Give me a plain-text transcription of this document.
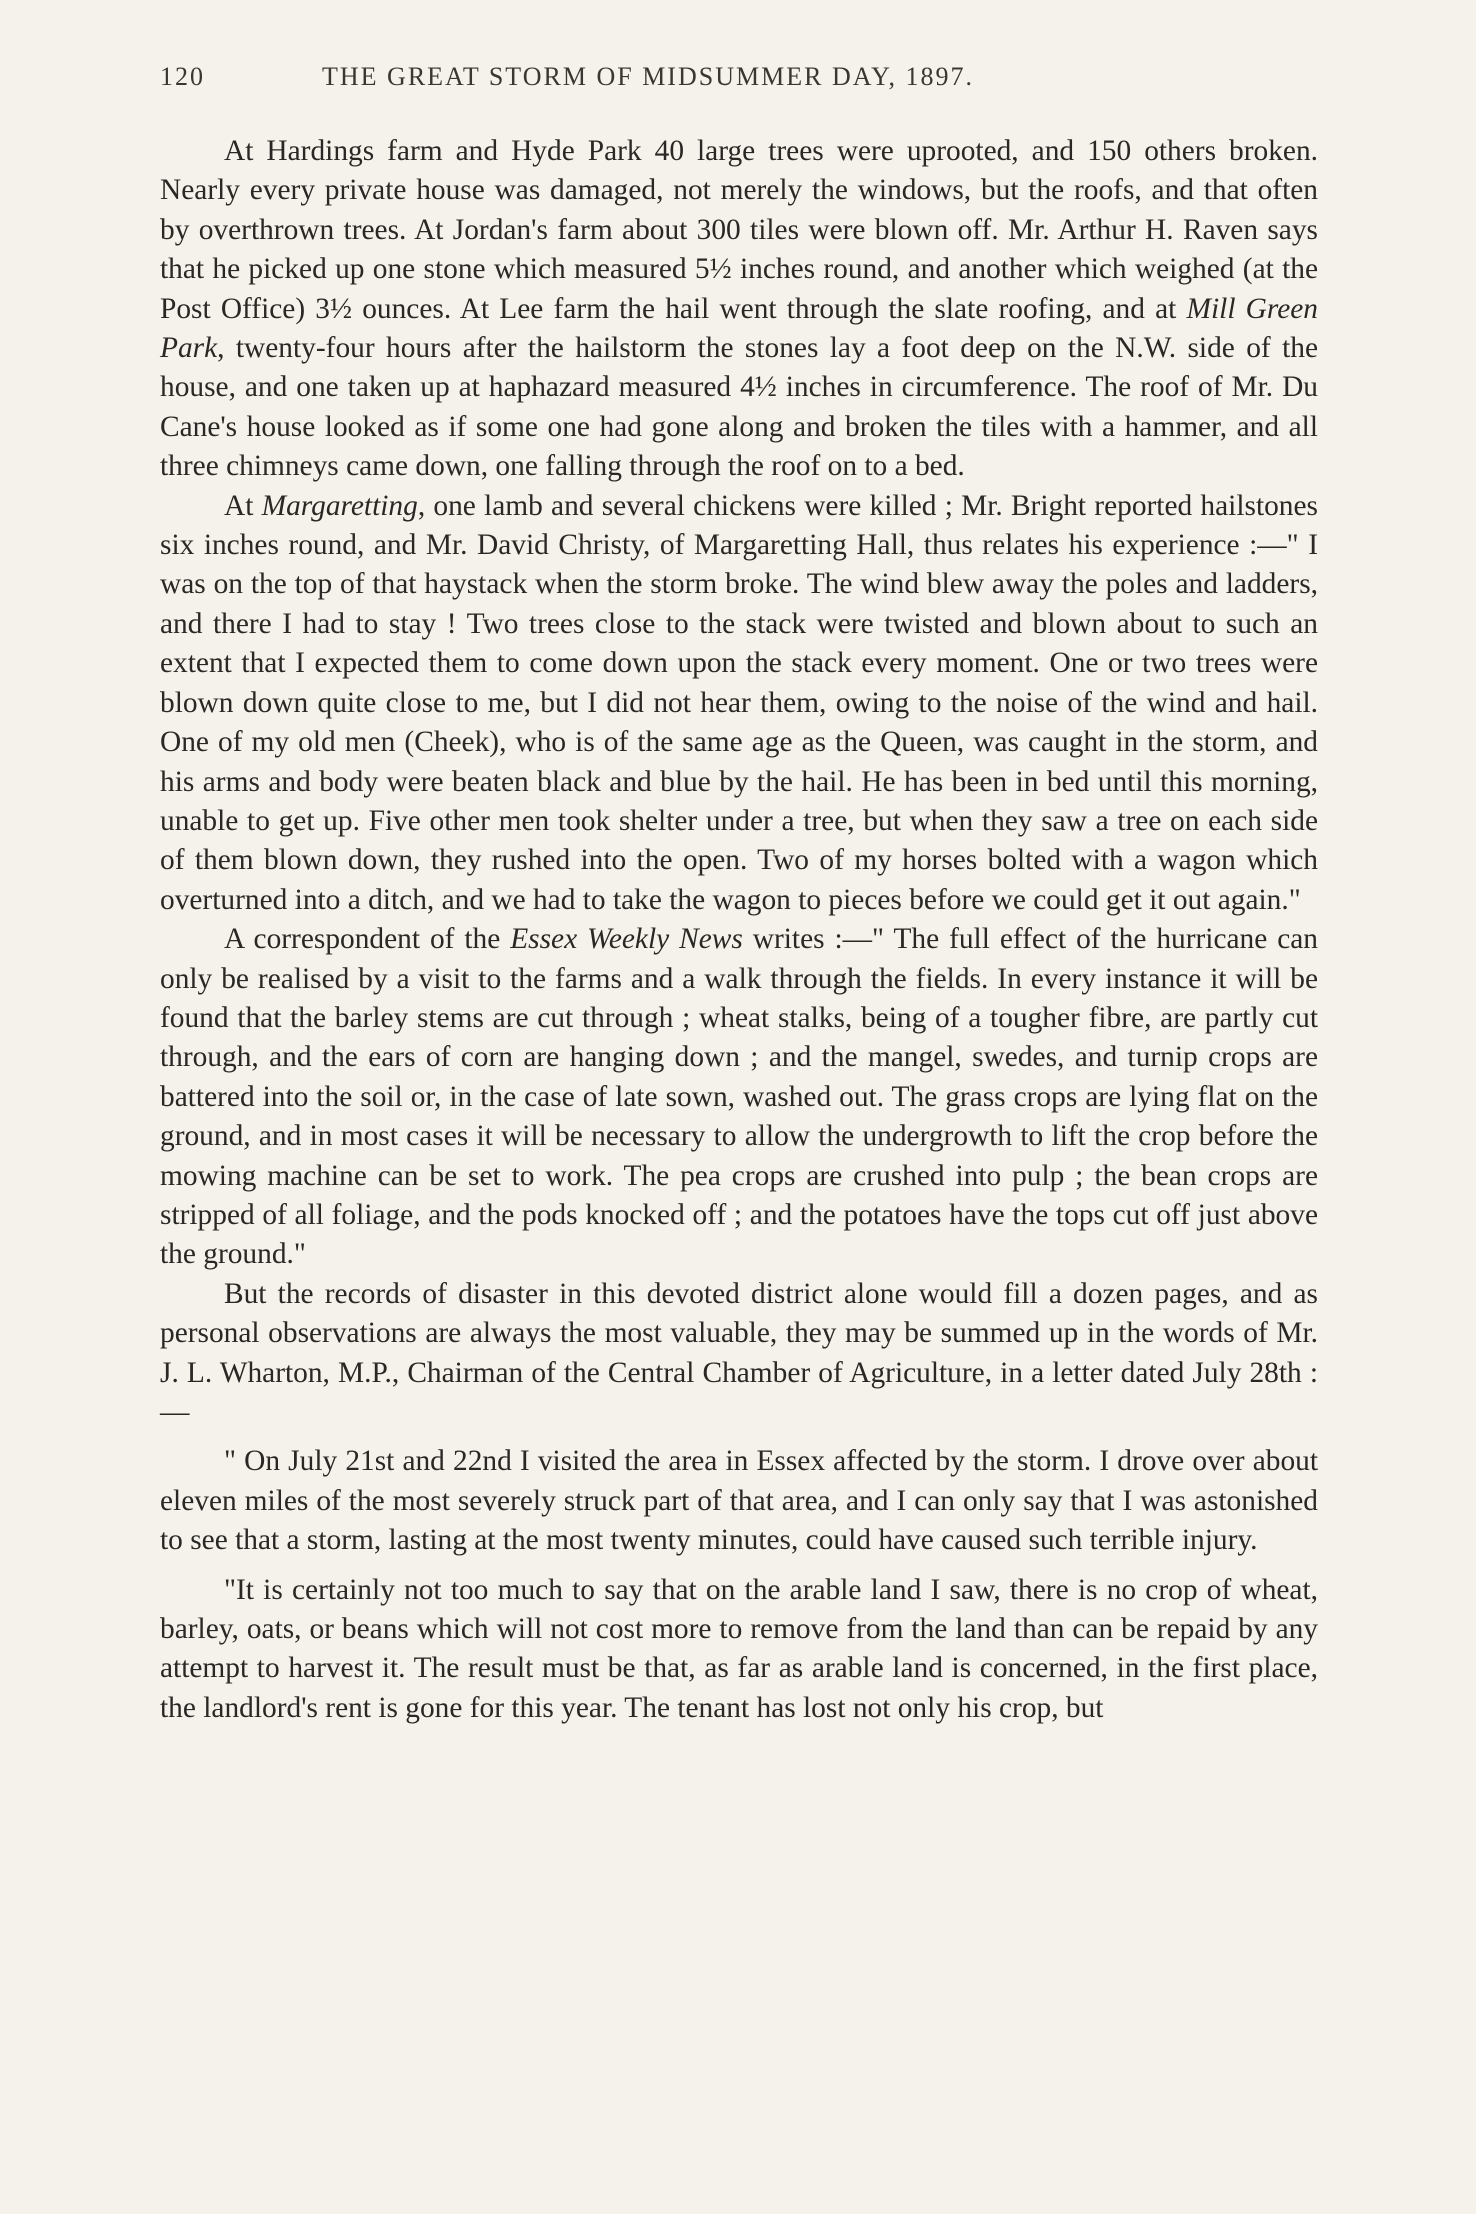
120	THE GREAT STORM OF MIDSUMMER DAY, 1897.

At Hardings farm and Hyde Park 40 large trees were uprooted, and 150 others broken. Nearly every private house was damaged, not merely the windows, but the roofs, and that often by overthrown trees. At Jordan's farm about 300 tiles were blown off. Mr. Arthur H. Raven says that he picked up one stone which measured 5½ inches round, and another which weighed (at the Post Office) 3½ ounces. At Lee farm the hail went through the slate roofing, and at Mill Green Park, twenty-four hours after the hailstorm the stones lay a foot deep on the N.W. side of the house, and one taken up at haphazard measured 4½ inches in circumference. The roof of Mr. Du Cane's house looked as if some one had gone along and broken the tiles with a hammer, and all three chimneys came down, one falling through the roof on to a bed.

At Margaretting, one lamb and several chickens were killed ; Mr. Bright reported hailstones six inches round, and Mr. David Christy, of Margaretting Hall, thus relates his experience :—" I was on the top of that haystack when the storm broke. The wind blew away the poles and ladders, and there I had to stay ! Two trees close to the stack were twisted and blown about to such an extent that I expected them to come down upon the stack every moment. One or two trees were blown down quite close to me, but I did not hear them, owing to the noise of the wind and hail. One of my old men (Cheek), who is of the same age as the Queen, was caught in the storm, and his arms and body were beaten black and blue by the hail. He has been in bed until this morning, unable to get up. Five other men took shelter under a tree, but when they saw a tree on each side of them blown down, they rushed into the open. Two of my horses bolted with a wagon which overturned into a ditch, and we had to take the wagon to pieces before we could get it out again."

A correspondent of the Essex Weekly News writes :—" The full effect of the hurricane can only be realised by a visit to the farms and a walk through the fields. In every instance it will be found that the barley stems are cut through ; wheat stalks, being of a tougher fibre, are partly cut through, and the ears of corn are hanging down ; and the mangel, swedes, and turnip crops are battered into the soil or, in the case of late sown, washed out. The grass crops are lying flat on the ground, and in most cases it will be necessary to allow the undergrowth to lift the crop before the mowing machine can be set to work. The pea crops are crushed into pulp ; the bean crops are stripped of all foliage, and the pods knocked off ; and the potatoes have the tops cut off just above the ground."

But the records of disaster in this devoted district alone would fill a dozen pages, and as personal observations are always the most valuable, they may be summed up in the words of Mr. J. L. Wharton, M.P., Chairman of the Central Chamber of Agriculture, in a letter dated July 28th :—

" On July 21st and 22nd I visited the area in Essex affected by the storm. I drove over about eleven miles of the most severely struck part of that area, and I can only say that I was astonished to see that a storm, lasting at the most twenty minutes, could have caused such terrible injury.

"It is certainly not too much to say that on the arable land I saw, there is no crop of wheat, barley, oats, or beans which will not cost more to remove from the land than can be repaid by any attempt to harvest it. The result must be that, as far as arable land is concerned, in the first place, the landlord's rent is gone for this year. The tenant has lost not only his crop, but
